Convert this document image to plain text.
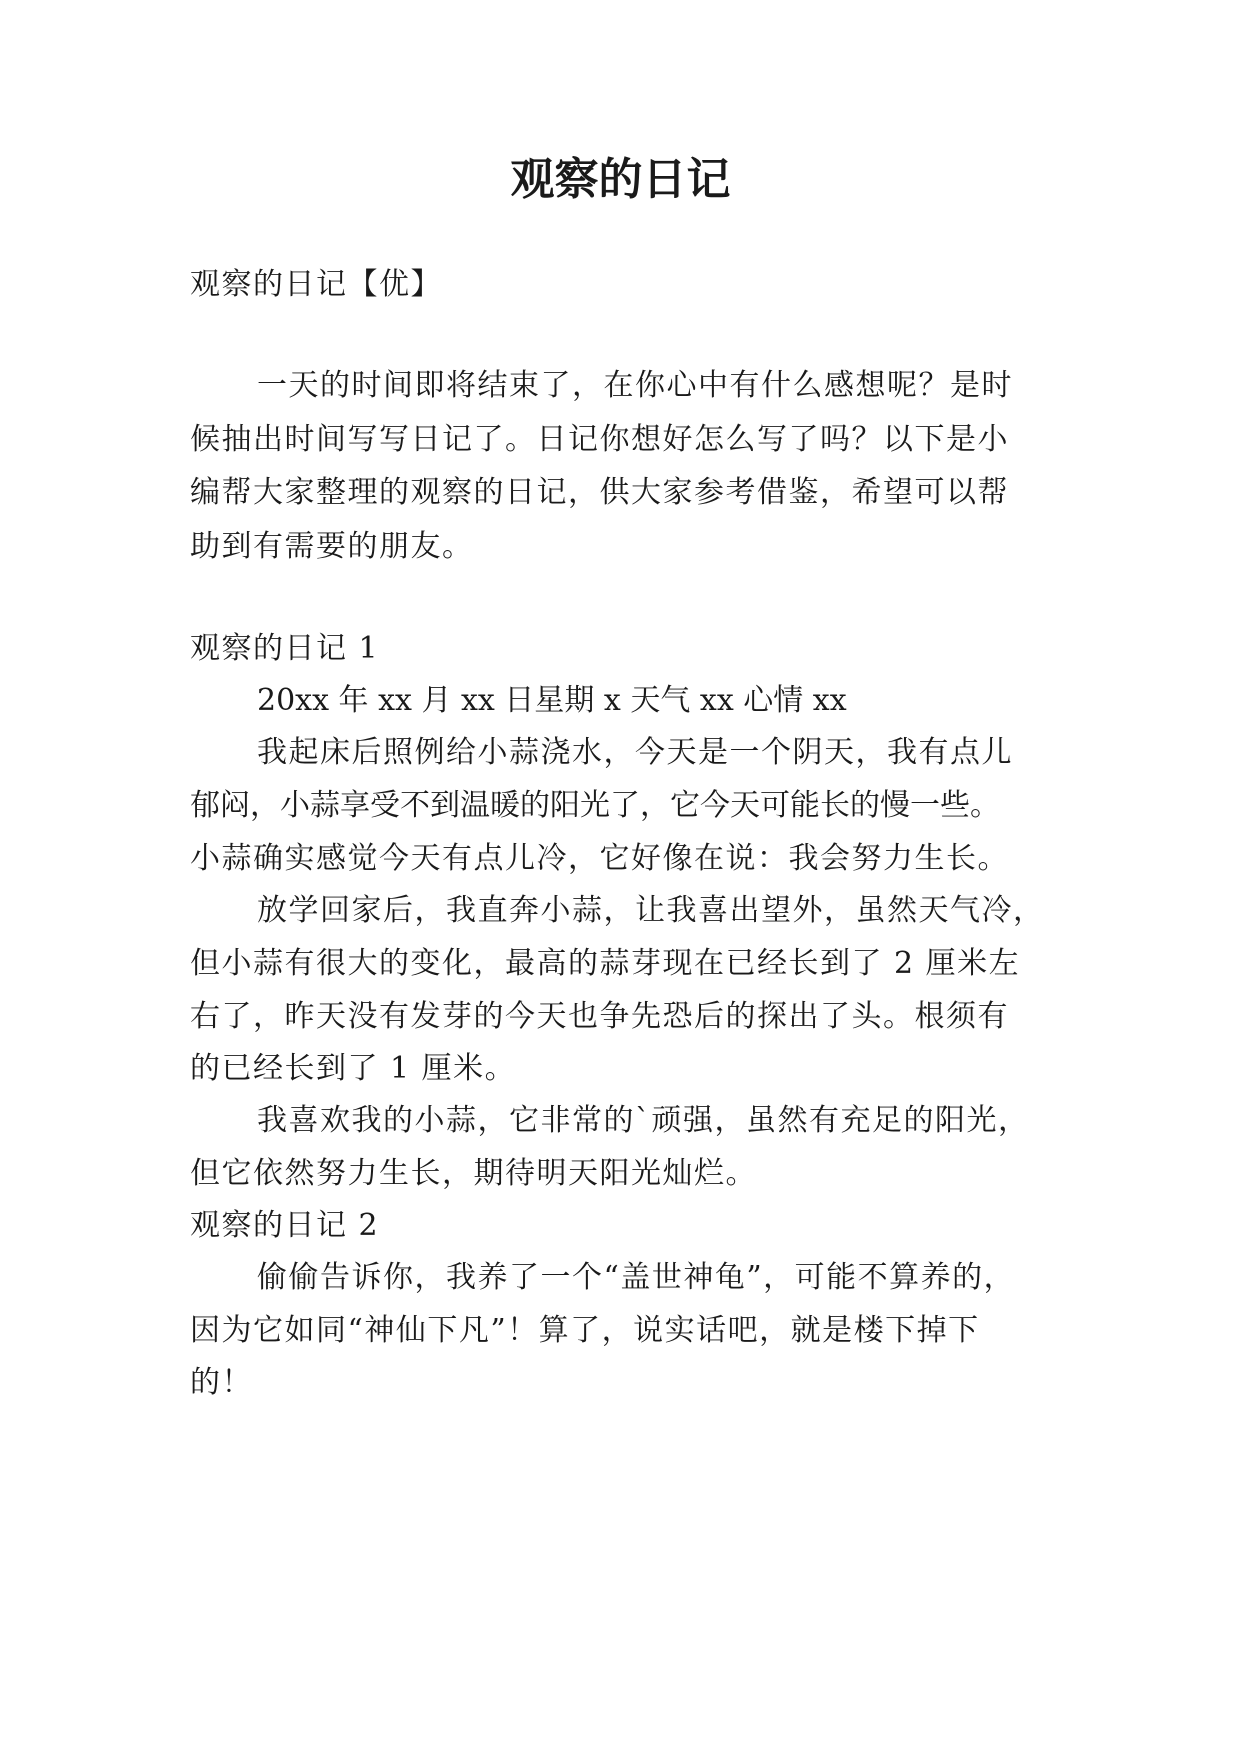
观察的日记

观察的日记【优】

一天的时间即将结束了，在你心中有什么感想呢？是时

候抽出时间写写日记了。日记你想好怎么写了吗？以下是小

编帮大家整理的观察的日记，供大家参考借鉴，希望可以帮

助到有需要的朋友。

观察的日记 1

20xx 年 xx 月 xx 日星期 x 天气 xx 心情 xx

我起床后照例给小蒜浇水，今天是一个阴天，我有点儿

郁闷，小蒜享受不到温暖的阳光了，它今天可能长的慢一些。

小蒜确实感觉今天有点儿冷，它好像在说：我会努力生长。

放学回家后，我直奔小蒜，让我喜出望外，虽然天气冷，

但小蒜有很大的变化，最高的蒜芽现在已经长到了 2 厘米左

右了，昨天没有发芽的今天也争先恐后的探出了头。根须有

的已经长到了 1 厘米。

我喜欢我的小蒜，它非常的`顽强，虽然有充足的阳光，

但它依然努力生长，期待明天阳光灿烂。

观察的日记 2

偷偷告诉你，我养了一个“盖世神龟”，可能不算养的，

因为它如同“神仙下凡”！算了，说实话吧，就是楼下掉下

的！
